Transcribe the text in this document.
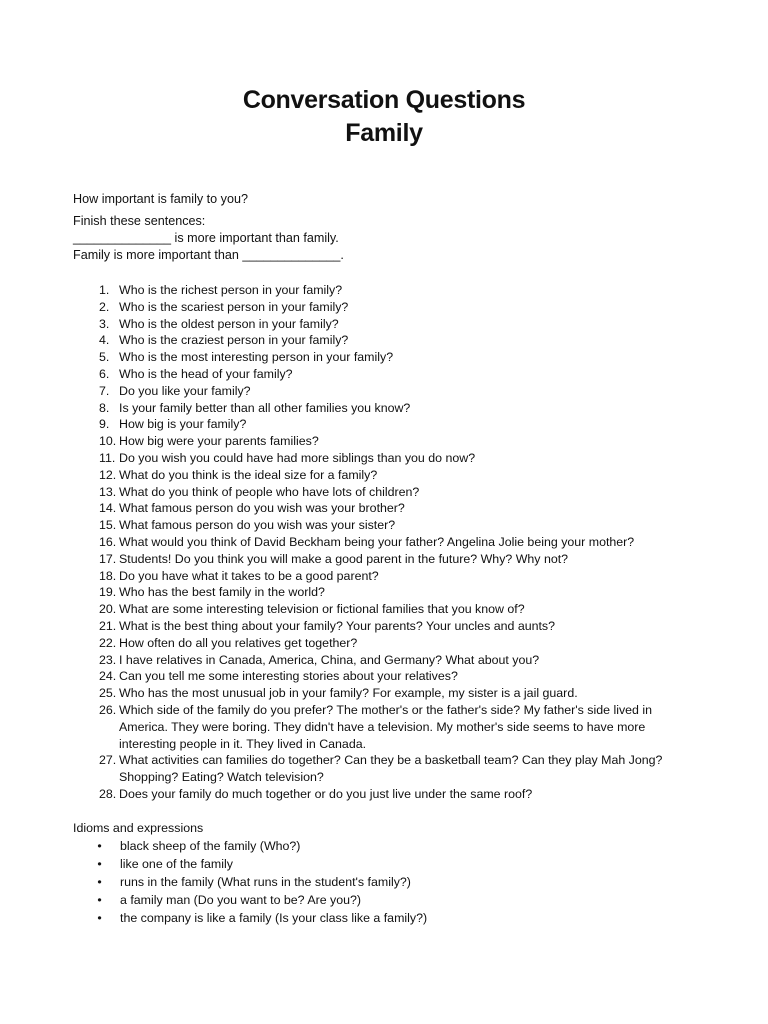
Conversation Questions
Family
How important is family to you?
Finish these sentences:
______________ is more important than family.
Family is more important than ______________.
1. Who is the richest person in your family?
2. Who is the scariest person in your family?
3. Who is the oldest person in your family?
4. Who is the craziest person in your family?
5. Who is the most interesting person in your family?
6. Who is the head of your family?
7. Do you like your family?
8. Is your family better than all other families you know?
9. How big is your family?
10. How big were your parents families?
11. Do you wish you could have had more siblings than you do now?
12. What do you think is the ideal size for a family?
13. What do you think of people who have lots of children?
14. What famous person do you wish was your brother?
15. What famous person do you wish was your sister?
16. What would you think of David Beckham being your father? Angelina Jolie being your mother?
17. Students! Do you think you will make a good parent in the future? Why? Why not?
18. Do you have what it takes to be a good parent?
19. Who has the best family in the world?
20. What are some interesting television or fictional families that you know of?
21. What is the best thing about your family? Your parents? Your uncles and aunts?
22. How often do all you relatives get together?
23. I have relatives in Canada, America, China, and Germany? What about you?
24. Can you tell me some interesting stories about your relatives?
25. Who has the most unusual job in your family? For example, my sister is a jail guard.
26. Which side of the family do you prefer? The mother's or the father's side? My father's side lived in America. They were boring. They didn't have a television. My mother's side seems to have more interesting people in it. They lived in Canada.
27. What activities can families do together? Can they be a basketball team? Can they play Mah Jong? Shopping? Eating? Watch television?
28. Does your family do much together or do you just live under the same roof?
Idioms and expressions
•	black sheep of the family (Who?)
•	like one of the family
•	runs in the family (What runs in the student's family?)
•	a family man (Do you want to be? Are you?)
•	the company is like a family (Is your class like a family?)
